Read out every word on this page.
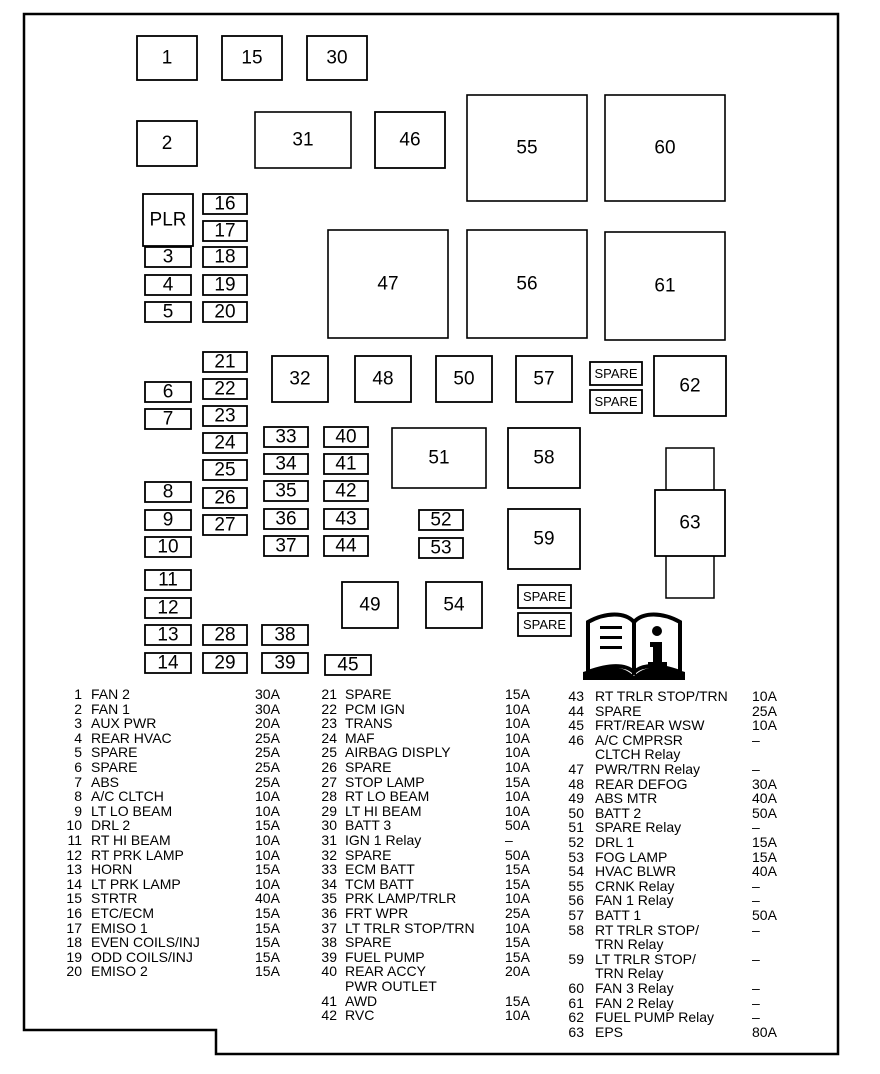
1	15	30
2	31	46	55	60
PLR
16
17
3 18
4 19
5 20
47	56	61
21
22
23
24
25
26
27
6
7
8
9
10
32	48	50	57	SPARE
SPARE
62
33 40
34 41
35 42
36 43
37 44
51	58
63
52
53	59
11
12
13
14
28
29
38
39 45
49	54	SPARE
SPARE
1 FAN 2	30A
2 FAN 1	30A
3 AUX PWR	20A
4 REAR HVAC	25A
5 SPARE	25A
6 SPARE	25A
7 ABS	25A
8 A/C CLTCH	10A
9 LT LO BEAM	10A
10 DRL 2	15A
11 RT HI BEAM	10A
12 RT PRK LAMP	10A
13 HORN	15A
14 LT PRK LAMP	10A
15 STRTR	40A
16 ETC/ECM	15A
17 EMISO 1	15A
18 EVEN COILS/INJ	15A
19 ODD COILS/INJ	15A
20 EMISO 2	15A
21 SPARE	15A
22 PCM IGN	10A
23 TRANS	10A
24 MAF	10A
25 AIRBAG DISPLY	10A
26 SPARE	10A
27 STOP LAMP	15A
28 RT LO BEAM	10A
29 LT HI BEAM	10A
30 BATT 3	50A
31 IGN 1 Relay	–
32 SPARE	50A
33 ECM BATT	15A
34 TCM BATT	15A
35 PRK LAMP/TRLR	10A
36 FRT WPR	25A
37 LT TRLR STOP/TRN 10A
38 SPARE	15A
39 FUEL PUMP	15A
40 REAR ACCY	20A
PWR OUTLET
41 AWD	15A
42 RVC	10A
43 RT TRLR STOP/TRN 10A
44 SPARE	25A
45 FRT/REAR WSW	10A
46 A/C CMPRSR	–
CLTCH Relay
47 PWR/TRN Relay	–
48 REAR DEFOG	30A
49 ABS MTR	40A
50 BATT 2	50A
51 SPARE Relay	–
52 DRL 1	15A
53 FOG LAMP	15A
54 HVAC BLWR	40A
55 CRNK Relay	–
56 FAN 1 Relay	–
57 BATT 1	50A
58 RT TRLR STOP/	–
TRN Relay
59 LT TRLR STOP/	–
TRN Relay
60 FAN 3 Relay	–
61 FAN 2 Relay	–
62 FUEL PUMP Relay	–
63 EPS	80A
